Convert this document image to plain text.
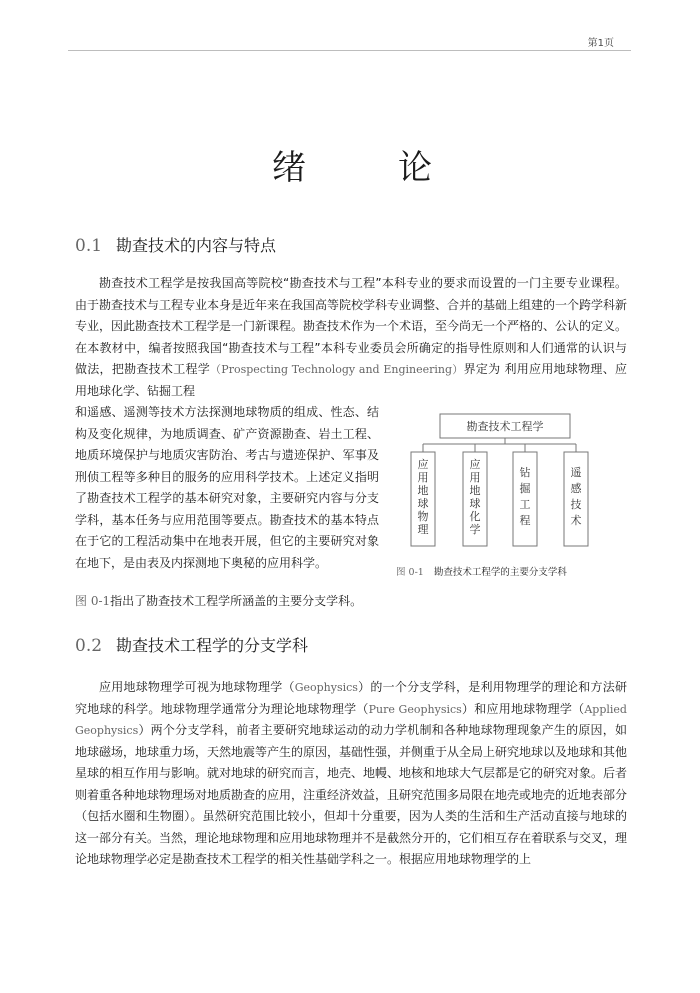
第1页
绪	论
0.1 勘查技术的内容与特点

勘查技术工程学是按我国高等院校“勘查技术与工程”本科专业的要求而设置的一门主要专业课程。由于勘查技术与工程专业本身是近年来在我国高等院校学科专业调整、合并的基础上组建的一个跨学科新专业，因此勘查技术工程学是一门新课程。勘查技术作为一个术语，至今尚无一个严格的、公认的定义。在本教材中，编者按照我国“勘查技术与工程”本科专业委员会所确定的指导性原则和人们通常的认识与做法，把勘查技术工程学（Prospecting Technology and Engineering）界定为 利用应用地球物理、应用地球化学、钻掘工程

和遥感、遥测等技术方法探测地球物质的组成、性态、结构及变化规律，为地质调查、矿产资源勘查、岩土工程、地质环境保护与地质灾害防治、考古与遗迹保护、军事及刑侦工程等多种目的服务的应用科学技术。上述定义指明了勘查技术工程学的基本研究对象，主要研究内容与分支学科，基本任务与应用范围等要点。勘查技术的基本特点在于它的工程活动集中在地表开展，但它的主要研究对象在地下，是由表及内探测地下奥秘的应用科学。
图 0-1指出了勘查技术工程学所涵盖的主要分支学科。
勘查技术工程学
应用地球物理
应用地球化学
钻掘工程
遥感技术
图 0-1 勘查技术工程学的主要分支学科
0.2 勘查技术工程学的分支学科

应用地球物理学可视为地球物理学（Geophysics）的一个分支学科，是利用物理学的理论和方法研究地球的科学。地球物理学通常分为理论地球物理学（Pure Geophysics）和应用地球物理学（Applied Geophysics）两个分支学科，前者主要研究地球运动的动力学机制和各种地球物理现象产生的原因，如地球磁场，地球重力场，天然地震等产生的原因，基础性强，并侧重于从全局上研究地球以及地球和其他星球的相互作用与影响。就对地球的研究而言，地壳、地幔、地核和地球大气层都是它的研究对象。后者则着重各种地球物理场对地质勘查的应用，注重经济效益，且研究范围多局限在地壳或地壳的近地表部分（包括水圈和生物圈）。虽然研究范围比较小，但却十分重要，因为人类的生活和生产活动直接与地球的这一部分有关。当然，理论地球物理和应用地球物理并不是截然分开的，它们相互存在着联系与交叉，理论地球物理学必定是勘查技术工程学的相关性基础学科之一。根据应用地球物理学的上
